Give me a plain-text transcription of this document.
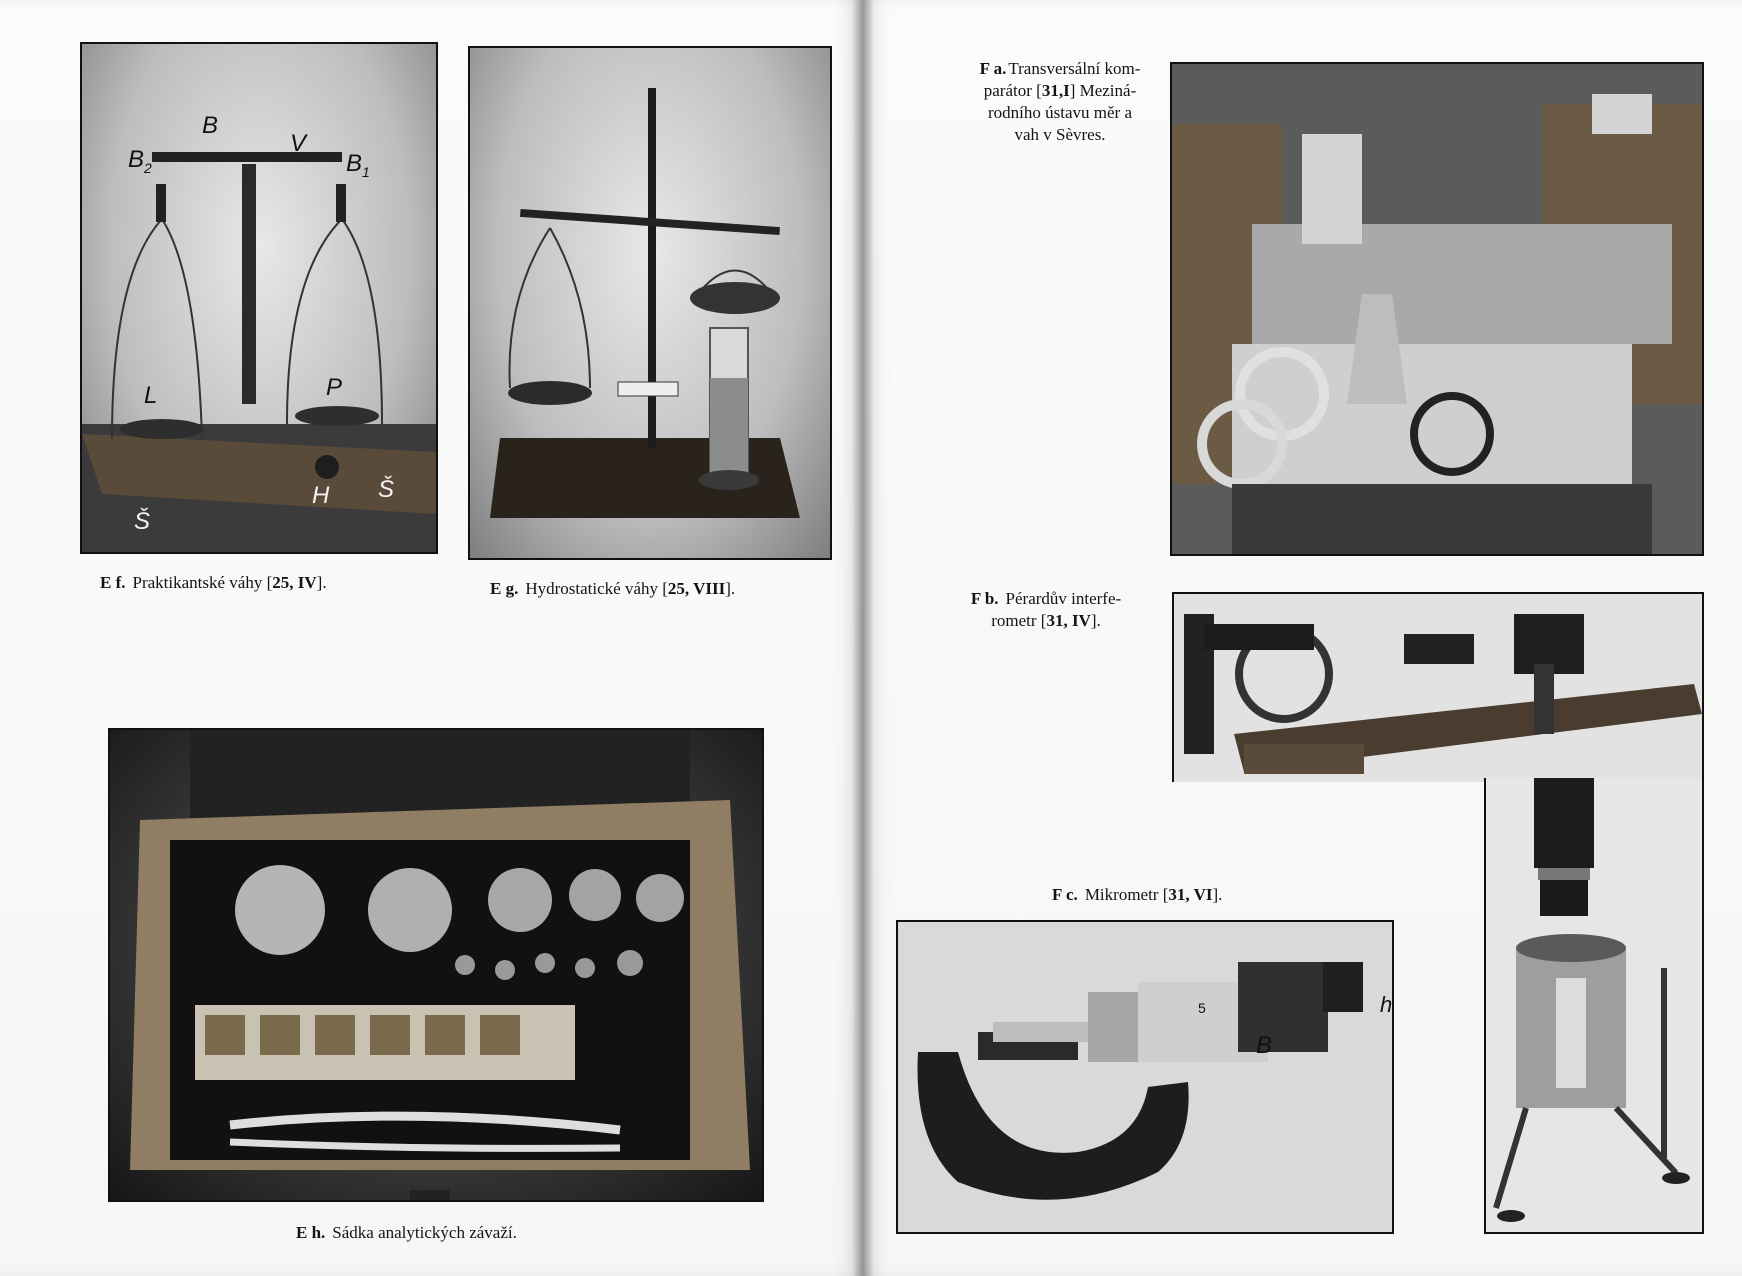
B
V
$B_2$	$B_1$
L	P
H
Š
Š
E f. Praktikantské váhy [25, IV].	E g. Hydrostatické váhy [25, VIII].
E h. Sádka analytických závaží.
F a. Transversální kom-
parátor [31,I] Meziná-
rodního ústavu měr a
vah v Sèvres.
F b. Pérardův interfe-
rometr [31, IV].
F c. Mikrometr [31, VI].
B
h
5
